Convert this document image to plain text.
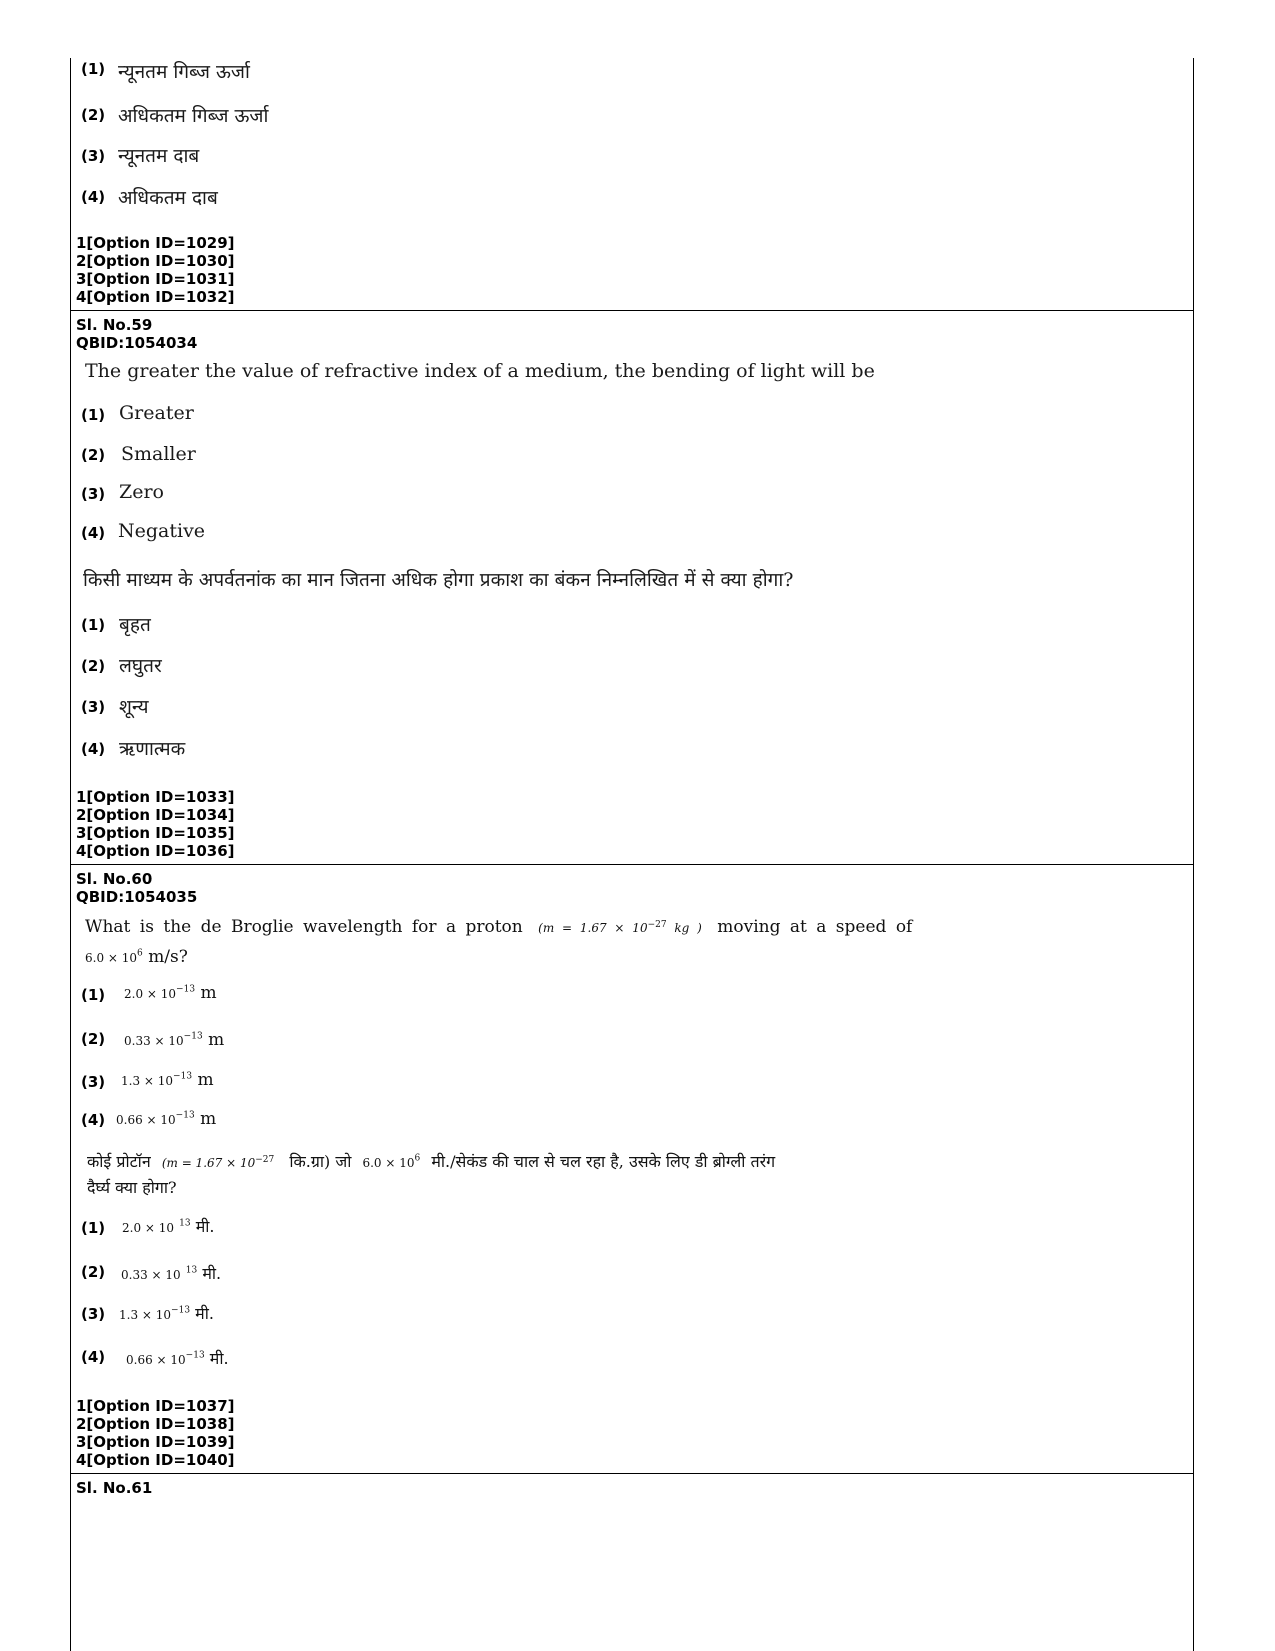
(1) न्यूनतम गिब्ज ऊर्जा
(2) अधिकतम गिब्ज ऊर्जा
(3) न्यूनतम दाब
(4) अधिकतम दाब
1[Option ID=1029]
2[Option ID=1030]
3[Option ID=1031]
4[Option ID=1032]
Sl. No.59
QBID:1054034
The greater the value of refractive index of a medium, the bending of light will be
(1) Greater
(2) Smaller
(3) Zero
(4) Negative
किसी माध्यम के अपर्वतनांक का मान जितना अधिक होगा प्रकाश का बंकन निम्नलिखित में से क्या होगा?
(1) बृहत
(2) लघुतर
(3) शून्य
(4) ऋणात्मक
1[Option ID=1033]
2[Option ID=1034]
3[Option ID=1035]
4[Option ID=1036]
Sl. No.60
QBID:1054035
What is the de Broglie wavelength for a proton ($m = 1.67 \times 10^{-27}$ kg ) moving at a speed of
$6.0 \times 10^6$ m/s?
(1) $2.0 \times 10^{-13}$ m
(2) $0.33 \times 10^{-13}$ m
(3) $1.3 \times 10^{-13}$ m
(4) $0.66 \times 10^{-13}$ m
कोई प्रोटॉन ($m = 1.67 \times 10^{-27}$ कि.ग्रा) जो $6.0 \times 10^6$ मी./सेकंड की चाल से चल रहा है, उसके लिए डी ब्रोग्ली तरंग
दैर्घ्य क्या होगा?
(1) 2.0 × 10 $^{13}$ मी.
(2) 0.33 × 10 $^{13}$ मी.
(3) $1.3 \times 10^{-13}$ मी.
(4) $0.66 \times 10^{-13}$ मी.
1[Option ID=1037]
2[Option ID=1038]
3[Option ID=1039]
4[Option ID=1040]
Sl. No.61
